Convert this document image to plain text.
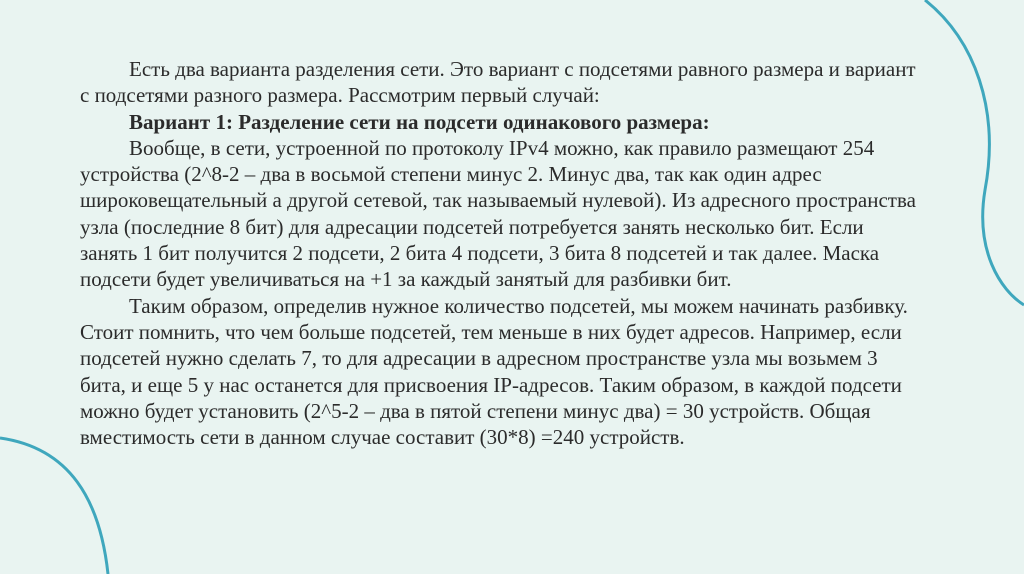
Есть два варианта разделения сети. Это вариант с подсетями равного размера и вариант

с подсетями разного размера. Рассмотрим первый случай:

Вариант 1: Разделение сети на подсети одинакового размера:

Вообще, в сети, устроенной по протоколу IPv4 можно, как правило размещают 254

устройства (2^8-2 – два в восьмой степени минус 2. Минус два, так как один адрес

широковещательный а другой сетевой, так называемый нулевой). Из адресного пространства

узла (последние 8 бит) для адресации подсетей потребуется занять несколько бит. Если

занять 1 бит получится 2 подсети, 2 бита 4 подсети, 3 бита 8 подсетей и так далее. Маска

подсети будет увеличиваться на +1 за каждый занятый для разбивки бит.

Таким образом, определив нужное количество подсетей, мы можем начинать разбивку.

Стоит помнить, что чем больше подсетей, тем меньше в них будет адресов. Например, если

подсетей нужно сделать 7, то для адресации в адресном пространстве узла мы возьмем 3

бита, и еще 5 у нас останется для присвоения IP-адресов. Таким образом, в каждой подсети

можно будет установить (2^5-2 – два в пятой степени минус два) = 30 устройств. Общая

вместимость сети в данном случае составит (30*8) =240 устройств.
